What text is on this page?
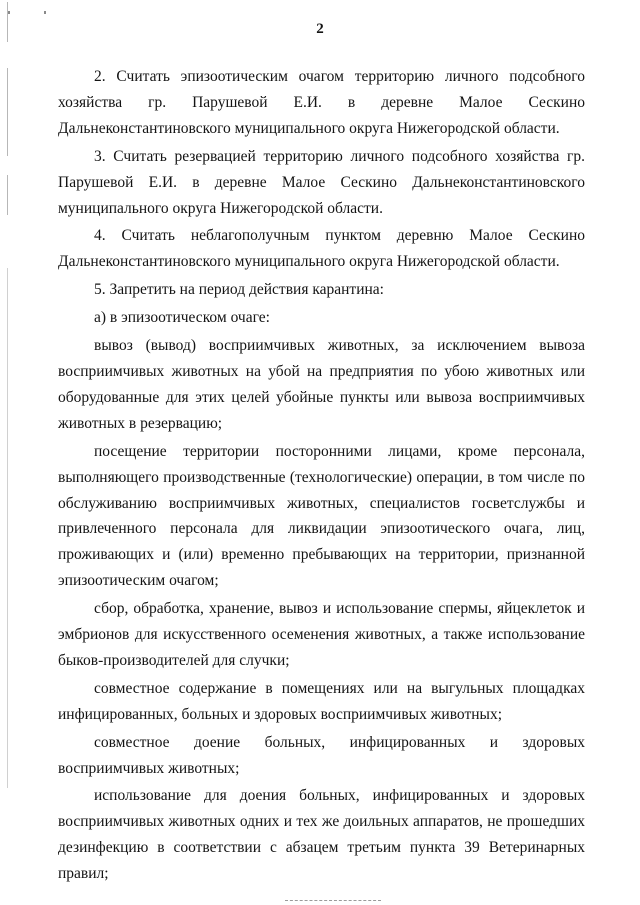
2

2. Считать эпизоотическим очагом территорию личного подсобного хозяйства гр. Парушевой Е.И. в деревне Малое Сескино Дальнеконстантиновского муниципального округа Нижегородской области.

3. Считать резервацией территорию личного подсобного хозяйства гр. Парушевой Е.И. в деревне Малое Сескино Дальнеконстантиновского муниципального округа Нижегородской области.

4. Считать неблагополучным пунктом деревню Малое Сескино Дальнеконстантиновского муниципального округа Нижегородской области.

5. Запретить на период действия карантина:

а) в эпизоотическом очаге:

вывоз (вывод) восприимчивых животных, за исключением вывоза восприимчивых животных на убой на предприятия по убою животных или оборудованные для этих целей убойные пункты или вывоза восприимчивых животных в резервацию;

посещение территории посторонними лицами, кроме персонала, выполняющего производственные (технологические) операции, в том числе по обслуживанию восприимчивых животных, специалистов госветслужбы и привлеченного персонала для ликвидации эпизоотического очага, лиц, проживающих и (или) временно пребывающих на территории, признанной эпизоотическим очагом;

сбор, обработка, хранение, вывоз и использование спермы, яйцеклеток и эмбрионов для искусственного осеменения животных, а также использование быков-производителей для случки;

совместное содержание в помещениях или на выгульных площадках инфицированных, больных и здоровых восприимчивых животных;

совместное доение больных, инфицированных и здоровых восприимчивых животных;

использование для доения больных, инфицированных и здоровых восприимчивых животных одних и тех же доильных аппаратов, не прошедших дезинфекцию в соответствии с абзацем третьим пункта 39 Ветеринарных правил;
